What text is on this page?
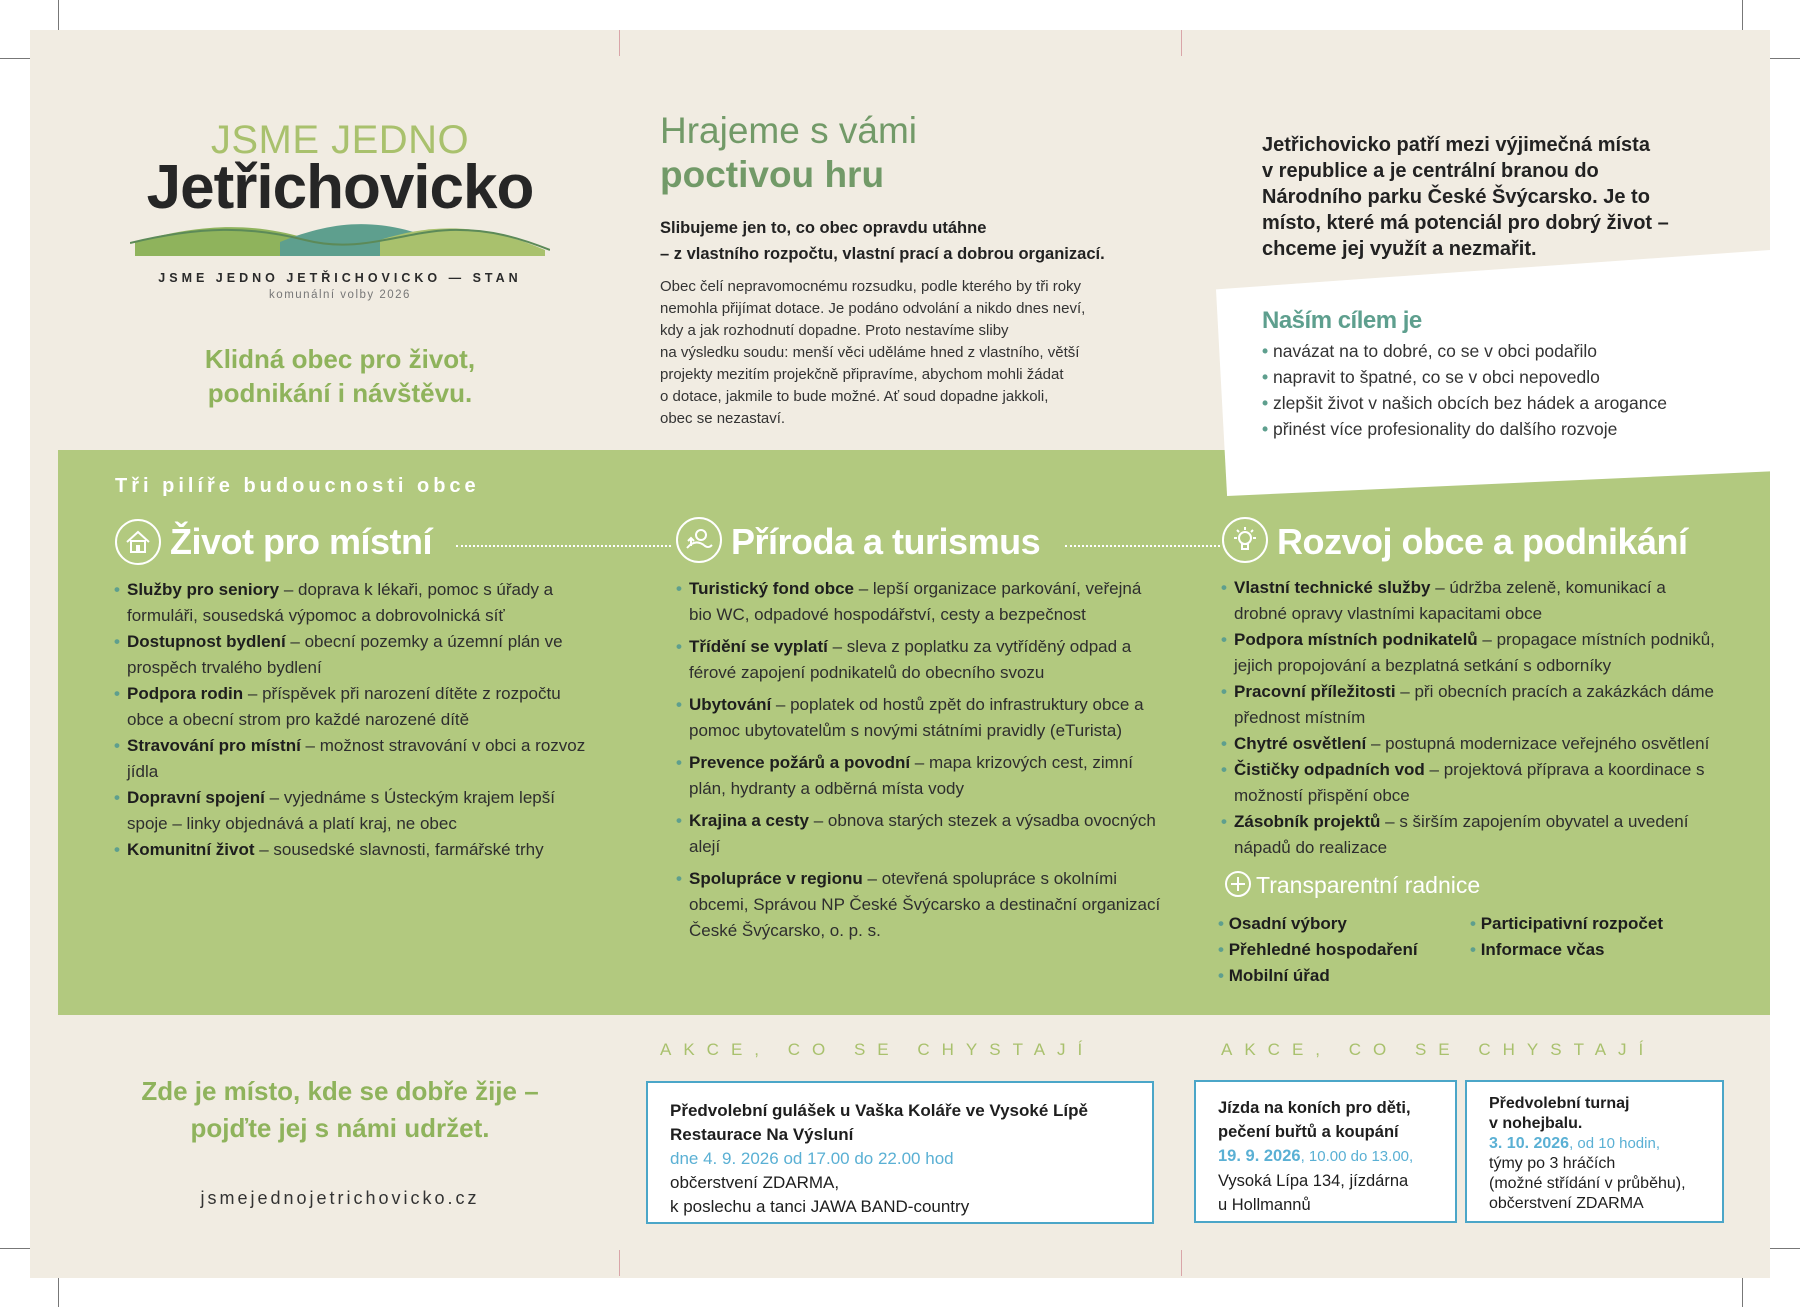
JSME JEDNO
Jetřichovicko
JSME JEDNO JETŘICHOVICKO — STAN
komunální volby 2026
Klidná obec pro život,
podnikání i návštěvu.
Hrajeme s vámi
poctivou hru
Slibujeme jen to, co obec opravdu utáhne
– z vlastního rozpočtu, vlastní prací a dobrou organizací.
Obec čelí nepravomocnému rozsudku, podle kterého by tři roky
nemohla přijímat dotace. Je podáno odvolání a nikdo dnes neví,
kdy a jak rozhodnutí dopadne. Proto nestavíme sliby
na výsledku soudu: menší věci uděláme hned z vlastního, větší
projekty mezitím projekčně připravíme, abychom mohli žádat
o dotace, jakmile to bude možné. Ať soud dopadne jakkoli,
obec se nezastaví.
Jetřichovicko patří mezi výjimečná místa
v republice a je centrální branou do
Národního parku České Švýcarsko. Je to
místo, které má potenciál pro dobrý život –
chceme jej využít a nezmařit.
Naším cílem je
• navázat na to dobré, co se v obci podařilo
• napravit to špatné, co se v obci nepovedlo
• zlepšit život v našich obcích bez hádek a arogance
• přinést více profesionality do dalšího rozvoje
Tři pilíře budoucnosti obce
Život pro místní	Příroda a turismus	Rozvoj obce a podnikání
• Služby pro seniory – doprava k lékaři, pomoc s úřady a formuláři, sousedská výpomoc a dobrovolnická síť
• Dostupnost bydlení – obecní pozemky a územní plán ve prospěch trvalého bydlení
• Podpora rodin – příspěvek při narození dítěte z rozpočtu obce a obecní strom pro každé narozené dítě
• Stravování pro místní – možnost stravování v obci a rozvoz jídla
• Dopravní spojení – vyjednáme s Ústeckým krajem lepší spoje – linky objednává a platí kraj, ne obec
• Komunitní život – sousedské slavnosti, farmářské trhy
• Turistický fond obce – lepší organizace parkování, veřejná bio WC, odpadové hospodářství, cesty a bezpečnost
• Třídění se vyplatí – sleva z poplatku za vytříděný odpad a férové zapojení podnikatelů do obecního svozu
• Ubytování – poplatek od hostů zpět do infrastruktury obce a pomoc ubytovatelům s novými státními pravidly (eTurista)
• Prevence požárů a povodní – mapa krizových cest, zimní plán, hydranty a odběrná místa vody
• Krajina a cesty – obnova starých stezek a výsadba ovocných alejí
• Spolupráce v regionu – otevřená spolupráce s okolními obcemi, Správou NP České Švýcarsko a destinační organizací České Švýcarsko, o. p. s.
• Vlastní technické služby – údržba zeleně, komunikací a drobné opravy vlastními kapacitami obce
• Podpora místních podnikatelů – propagace místních podniků, jejich propojování a bezplatná setkání s odborníky
• Pracovní příležitosti – při obecních pracích a zakázkách dáme přednost místním
• Chytré osvětlení – postupná modernizace veřejného osvětlení
• Čističky odpadních vod – projektová příprava a koordinace s možností přispění obce
• Zásobník projektů – s širším zapojením obyvatel a uvedení nápadů do realizace
Transparentní radnice
• Osadní výbory
• Přehledné hospodaření
• Mobilní úřad
• Participativní rozpočet
• Informace včas
Zde je místo, kde se dobře žije –
pojďte jej s námi udržet.
jsmejednojetrichovicko.cz
AKCE, CO SE CHYSTAJÍ	AKCE, CO SE CHYSTAJÍ

Předvolební gulášek u Vaška Koláře ve Vysoké Lípě

Restaurace Na Výsluní

dne 4. 9. 2026 od 17.00 do 22.00 hod

občerstvení ZDARMA,

k poslechu a tanci JAWA BAND-country

Jízda na koních pro děti,

pečení buřtů a koupání

19. 9. 2026, 10.00 do 13.00,

Vysoká Lípa 134, jízdárna

u Hollmannů

Předvolební turnaj

v nohejbalu.

3. 10. 2026, od 10 hodin,

týmy po 3 hráčích

(možné střídání v průběhu),

občerstvení ZDARMA
